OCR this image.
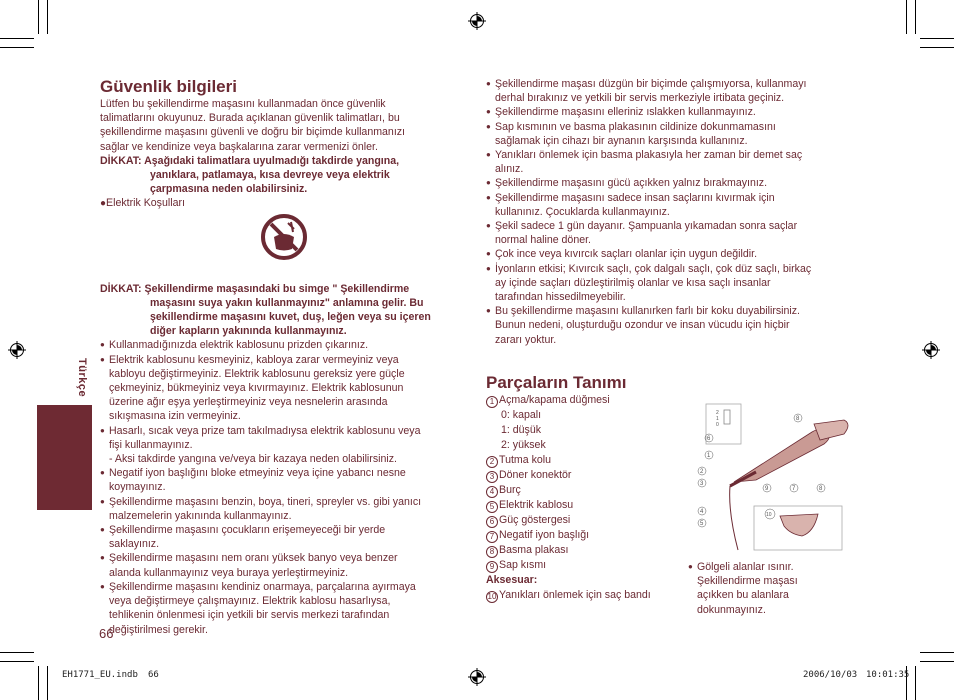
Türkçe
Güvenlik bilgileri
Lütfen bu şekillendirme maşasını kullanmadan önce güvenlik
talimatlarını okuyunuz. Burada açıklanan güvenlik talimatları, bu
şekillendirme maşasını güvenli ve doğru bir biçimde kullanmanızı
sağlar ve kendinize veya başkalarına zarar vermenizi önler.
DİKKAT: Aşağıdaki talimatlara uyulmadığı takdirde yangına,
yanıklara, patlamaya, kısa devreye veya elektrik
çarpmasına neden olabilirsiniz.
●Elektrik Koşulları
DİKKAT: Şekillendirme maşasındaki bu simge " Şekillendirme
maşasını suya yakın kullanmayınız" anlamına gelir. Bu
şekillendirme maşasını kuvet, duş, leğen veya su içeren
diğer kapların yakınında kullanmayınız.
● Kullanmadığınızda elektrik kablosunu prizden çıkarınız.
● Elektrik kablosunu kesmeyiniz, kabloya zarar vermeyiniz veya
kabloyu değiştirmeyiniz. Elektrik kablosunu gereksiz yere güçle
çekmeyiniz, bükmeyiniz veya kıvırmayınız. Elektrik kablosunun
üzerine ağır eşya yerleştirmeyiniz veya nesnelerin arasında
sıkışmasına izin vermeyiniz.
● Hasarlı, sıcak veya prize tam takılmadıysa elektrik kablosunu veya
fişi kullanmayınız.
- Aksi takdirde yangına ve/veya bir kazaya neden olabilirsiniz.
● Negatif iyon başlığını bloke etmeyiniz veya içine yabancı nesne
koymayınız.
● Şekillendirme maşasını benzin, boya, tineri, spreyler vs. gibi yanıcı
malzemelerin yakınında kullanmayınız.
● Şekillendirme maşasını çocukların erişemeyeceği bir yerde
saklayınız.
● Şekillendirme maşasını nem oranı yüksek banyo veya benzer
alanda kullanmayınız veya buraya yerleştirmeyiniz.
● Şekillendirme maşasını kendiniz onarmaya, parçalarına ayırmaya
veya değiştirmeye çalışmayınız. Elektrik kablosu hasarlıysa,
tehlikenin önlenmesi için yetkili bir servis merkezi tarafından
değiştirilmesi gerekir.
66
● Şekillendirme maşası düzgün bir biçimde çalışmıyorsa, kullanmayı
derhal bırakınız ve yetkili bir servis merkeziyle irtibata geçiniz.
● Şekillendirme maşasını elleriniz ıslakken kullanmayınız.
● Sap kısmının ve basma plakasının cildinize dokunmamasını
sağlamak için cihazı bir aynanın karşısında kullanınız.
● Yanıkları önlemek için basma plakasıyla her zaman bir demet saç
alınız.
● Şekillendirme maşasını gücü açıkken yalnız bırakmayınız.
● Şekillendirme maşasını sadece insan saçlarını kıvırmak için
kullanınız. Çocuklarda kullanmayınız.
● Şekil sadece 1 gün dayanır. Şampuanla yıkamadan sonra saçlar
normal haline döner.
● Çok ince veya kıvırcık saçları olanlar için uygun değildir.
● İyonların etkisi; Kıvırcık saçlı, çok dalgalı saçlı, çok düz saçlı, birkaç
ay içinde saçları düzleştirilmiş olanlar ve kısa saçlı insanlar
tarafından hissedilmeyebilir.
● Bu şekillendirme maşasını kullanırken farlı bir koku duyabilirsiniz.
Bunun nedeni, oluşturduğu ozondur ve insan vücudu için hiçbir
zararı yoktur.
Parçaların Tanımı
1 Açma/kapama düğmesi
0: kapalı
1: düşük
2: yüksek
2 Tutma kolu
3 Döner konektör
4 Burç
5 Elektrik kablosu
6 Güç göstergesi
7 Negatif iyon başlığı
8 Basma plakası
9 Sap kısmı
Aksesuar:
10 Yanıkları önlemek için saç bandı
2
1
0
6
1
2
3
4
5
9	7	8
8
10
● Gölgeli alanlar ısınır.
Şekillendirme maşası
açıkken bu alanlara
dokunmayınız.
EH1771_EU.indb 66	2006/10/03 10:01:35
